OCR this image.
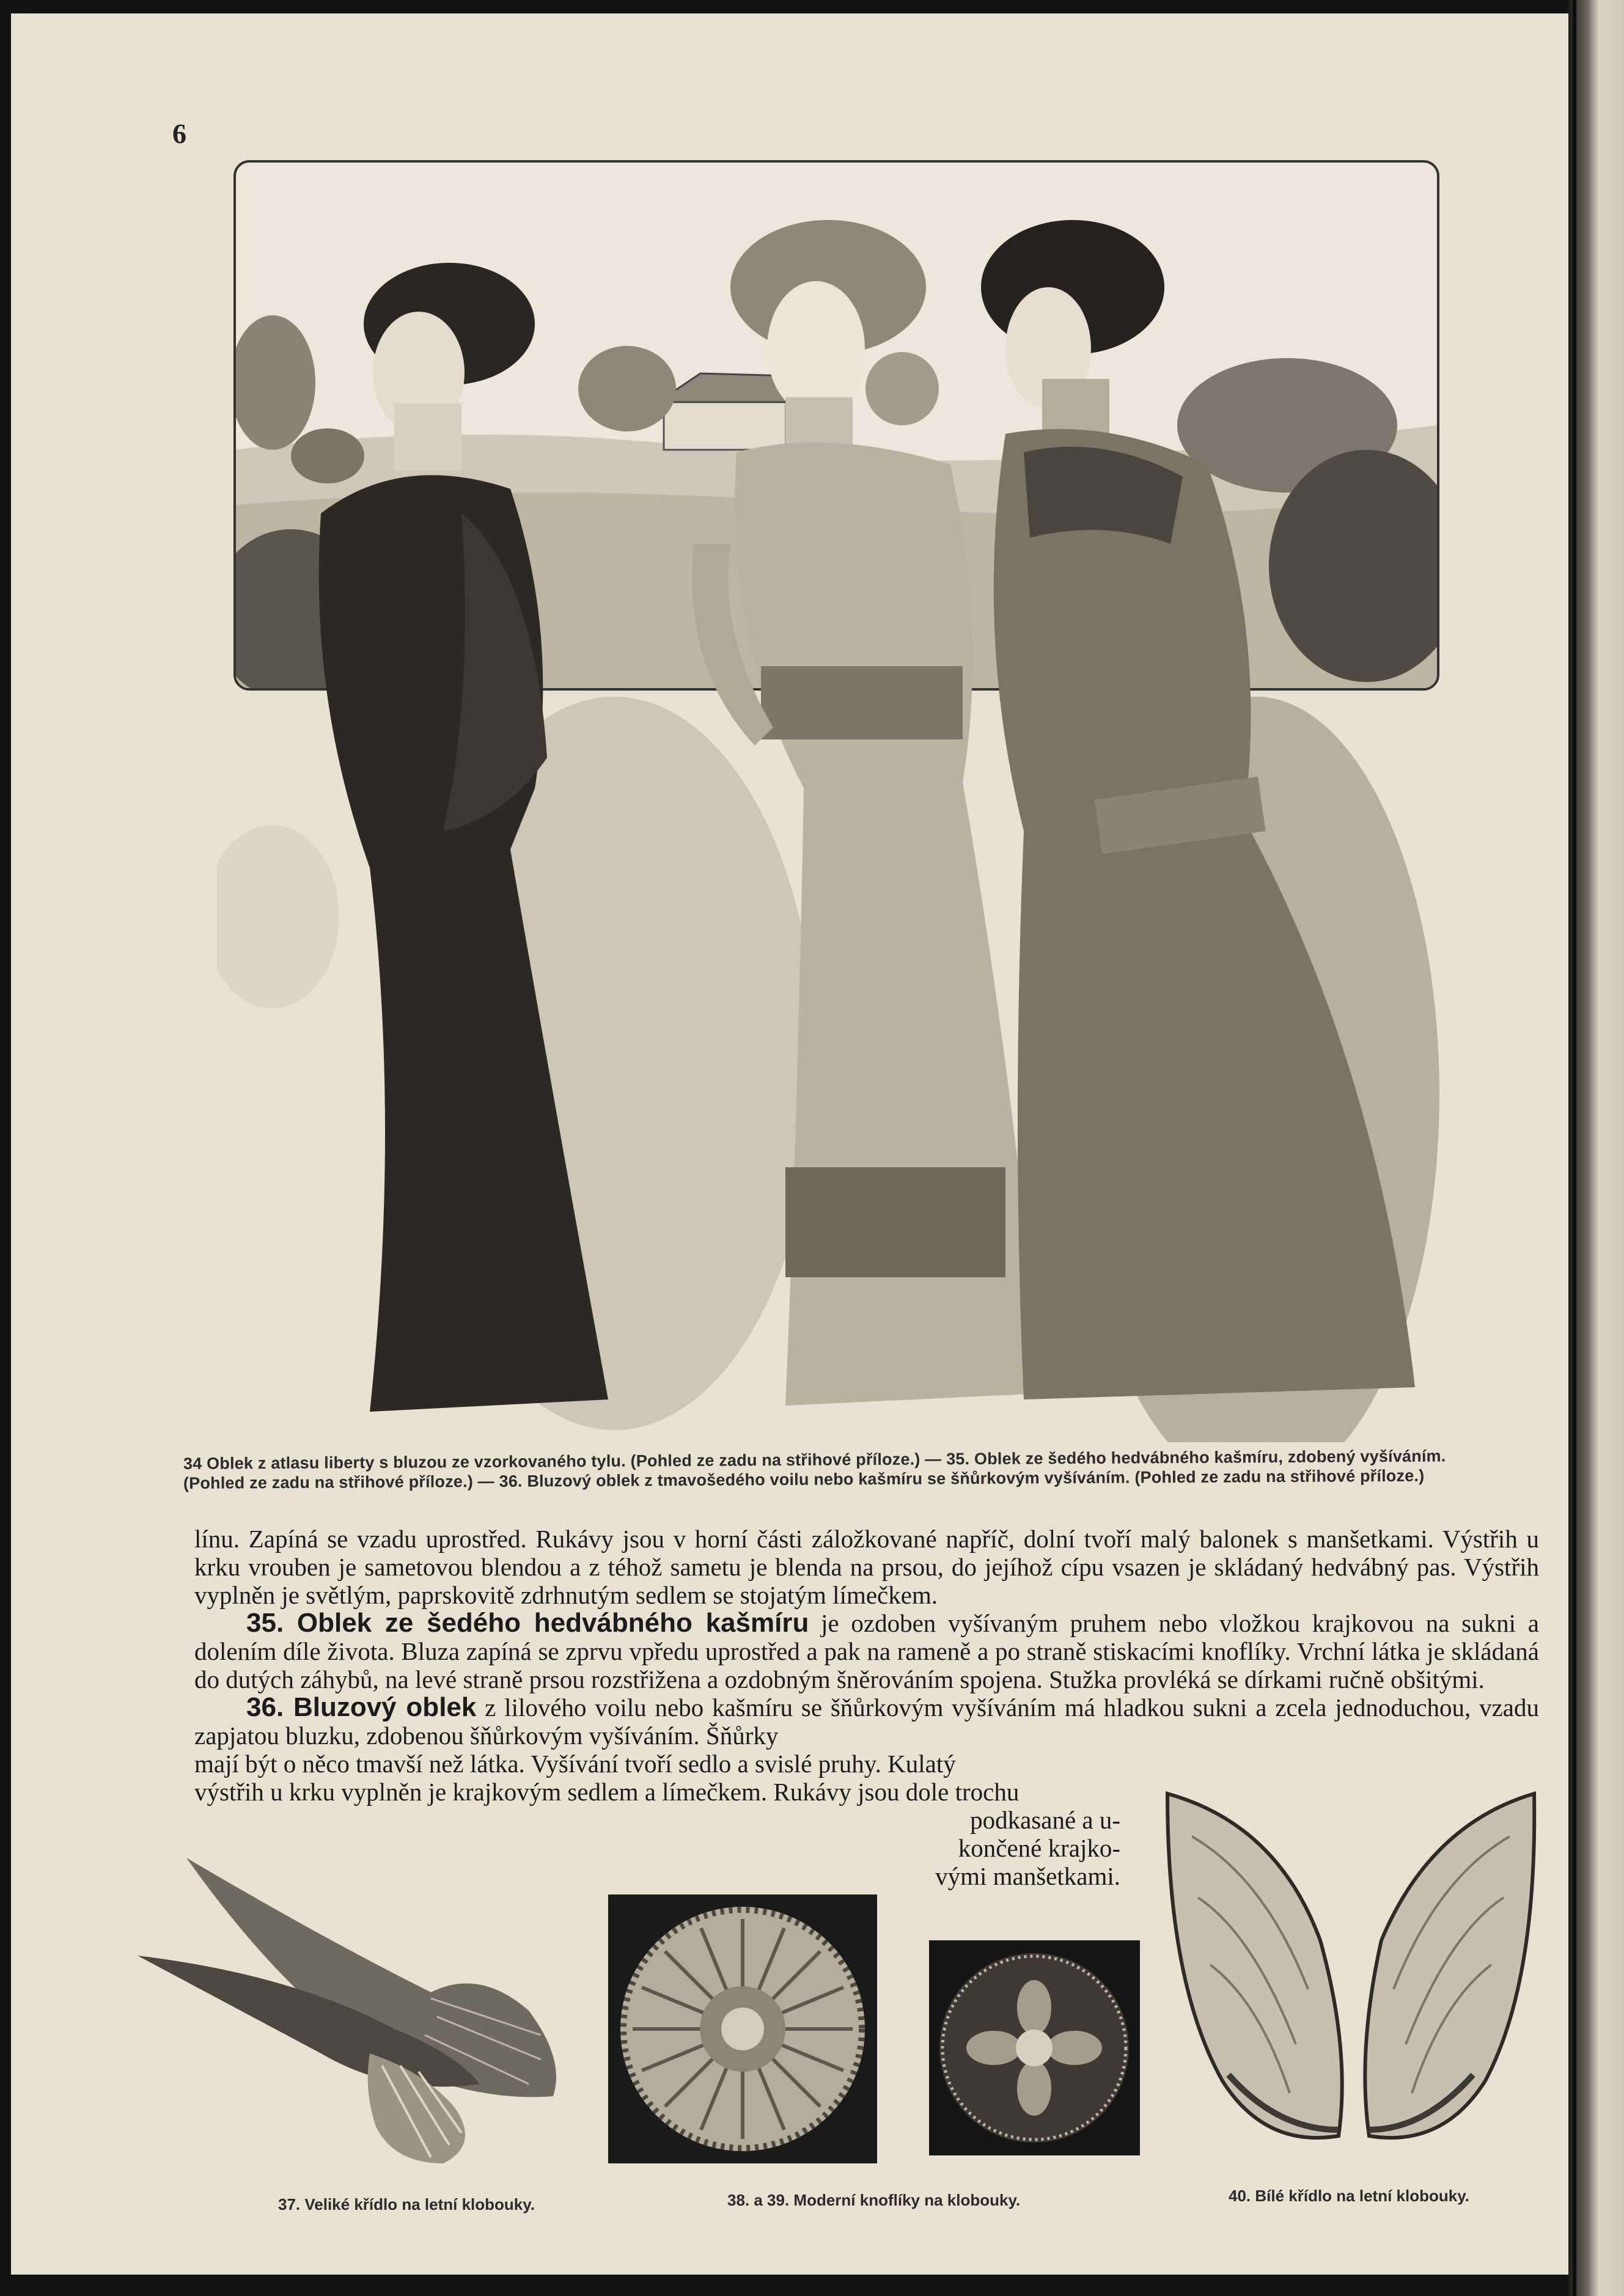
6
34 Oblek z atlasu liberty s bluzou ze vzorkovaného tylu. (Pohled ze zadu na střihové příloze.) — 35. Oblek ze šedého hedvábného kašmíru, zdobený vyšíváním.
(Pohled ze zadu na střihové příloze.) — 36. Bluzový oblek z tmavošedého voilu nebo kašmíru se šňůrkovým vyšíváním. (Pohled ze zadu na střihové příloze.)

línu. Zapíná se vzadu uprostřed. Rukávy jsou v horní části záložkované napříč, dolní tvoří malý balonek s manšetkami. Výstřih u krku vrouben je sametovou blendou a z téhož sametu je blenda na prsou, do jejíhož cípu vsazen je skládaný hedvábný pas. Výstřih vyplněn je světlým, paprskovitě zdrhnutým sedlem se stojatým límečkem.

35. Oblek ze šedého hedvábného kašmíru je ozdoben vyšívaným pruhem nebo vložkou krajkovou na sukni a dolením díle života. Bluza zapíná se zprvu vpředu uprostřed a pak na rameně a po straně stiskacími knoflíky. Vrchní látka je skládaná do dutých záhybů, na levé straně prsou rozstřižena a ozdobným šněrováním spojena. Stužka provléká se dírkami ručně obšitými.

36. Bluzový oblek z lilového voilu nebo kašmíru se šňůrkovým vyšíváním má hladkou sukni a zcela jednoduchou, vzadu zapjatou bluzku, zdobenou šňůrkovým vyšíváním. Šňůrky

mají být o něco tmavší než látka. Vyšívání tvoří sedlo a svislé pruhy. Kulatý

výstřih u krku vyplněn je krajkovým sedlem a límečkem. Rukávy jsou dole trochu

podkasané a u-

končené krajko-

vými manšetkami.

37. Veliké křídlo na letní klobouky.	38. a 39. Moderní knoflíky na klobouky.	40. Bílé křídlo na letní klobouky.
